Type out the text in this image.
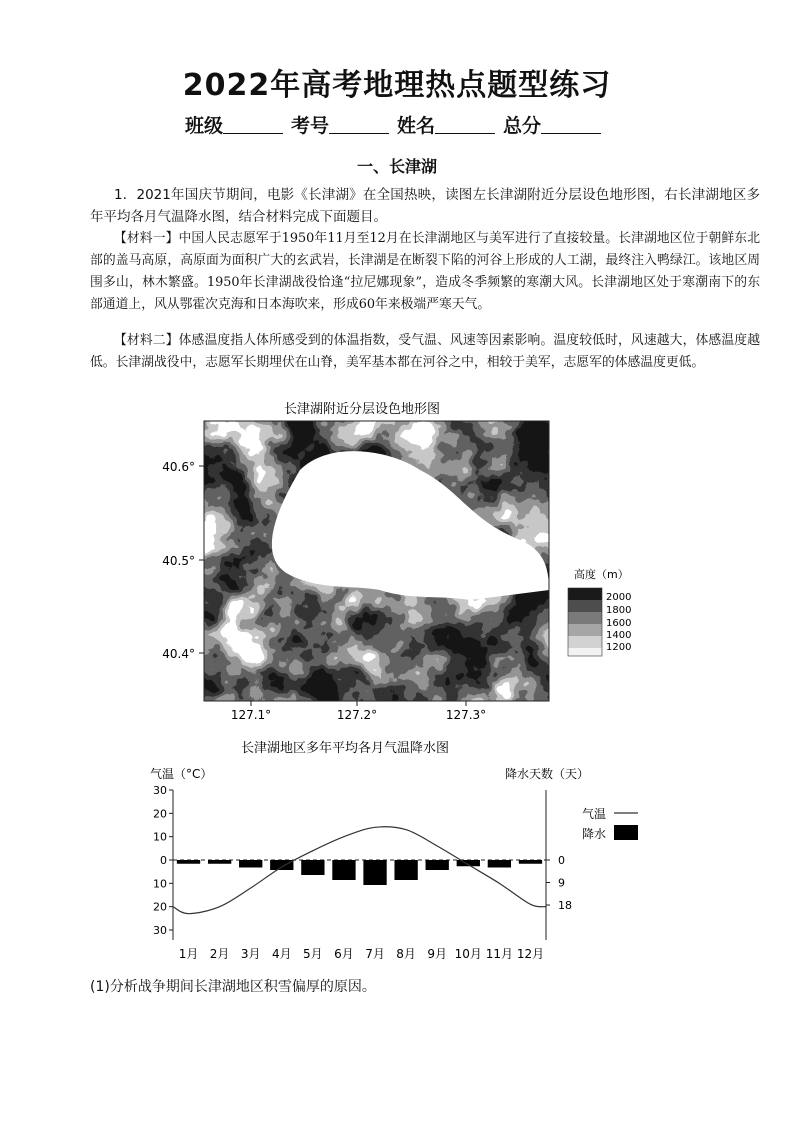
2022年高考地理热点题型练习
班级	考号	姓名	总分
一、长津湖
1．2021年国庆节期间，电影《长津湖》在全国热映，读图左长津湖附近分层设色地形图，右长津湖地区多年平均各月气温降水图，结合材料完成下面题目。
【材料一】中国人民志愿军于1950年11月至12月在长津湖地区与美军进行了直接较量。长津湖地区位于朝鲜东北部的盖马高原，高原面为面积广大的玄武岩，长津湖是在断裂下陷的河谷上形成的人工湖，最终注入鸭绿江。该地区周围多山，林木繁盛。1950年长津湖战役恰逢“拉尼娜现象”，造成冬季频繁的寒潮大风。长津湖地区处于寒潮南下的东部通道上，风从鄂霍次克海和日本海吹来，形成60年来极端严寒天气。
【材料二】体感温度指人体所感受到的体温指数，受气温、风速等因素影响。温度较低时，风速越大，体感温度越低。长津湖战役中，志愿军长期埋伏在山脊，美军基本都在河谷之中，相较于美军，志愿军的体感温度更低。
长津湖附近分层设色地形图
40.6°
40.5°
40.4°
127.1°	127.2°	127.3°
高度（m）
2000
1800
1600
1400
1200
长津湖地区多年平均各月气温降水图
气温（°C）	降水天数（天）
30
20
10
0
10
20
30
0
9
18
1月 2月 3月 4月 5月 6月 7月 8月 9月 10月 11月 12月
气温
降水
(1)分析战争期间长津湖地区积雪偏厚的原因。
